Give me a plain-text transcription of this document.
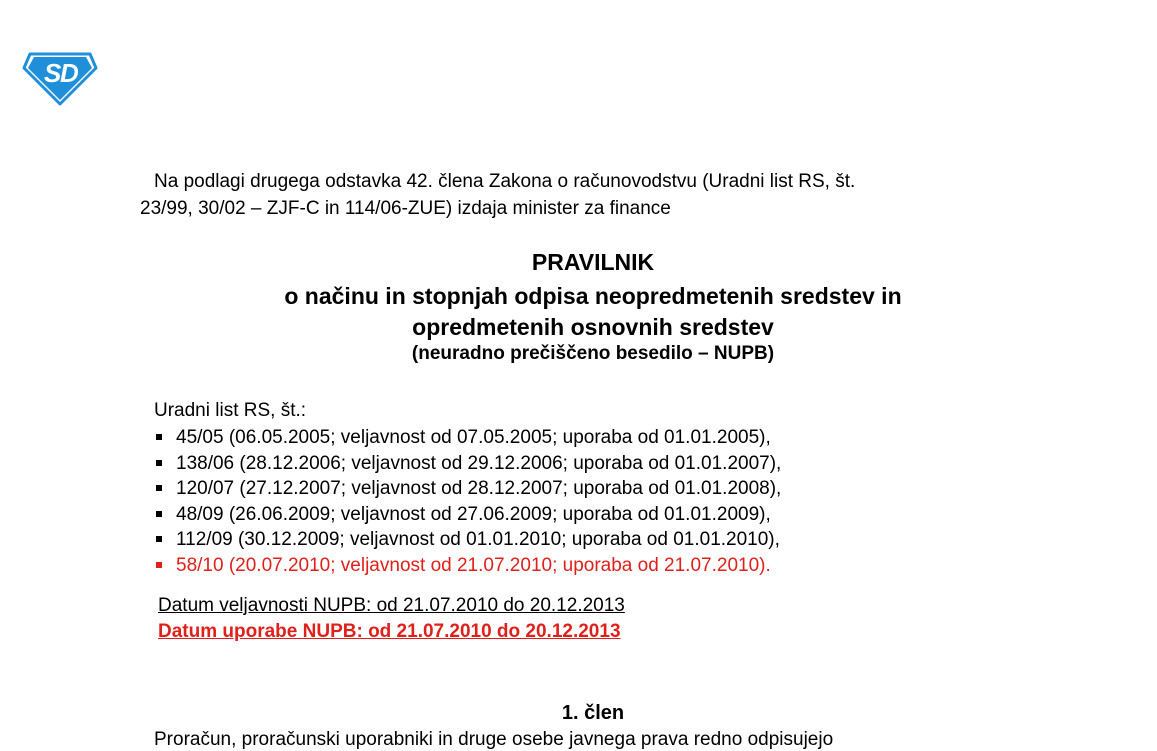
S
D
Na podlagi drugega odstavka 42. člena Zakona o računovodstvu (Uradni list RS, št.
23/99, 30/02 – ZJF-C in 114/06-ZUE) izdaja minister za finance
PRAVILNIK
o načinu in stopnjah odpisa neopredmetenih sredstev in
opredmetenih osnovnih sredstev
(neuradno prečiščeno besedilo – NUPB)
Uradni list RS, št.:
45/05 (06.05.2005; veljavnost od 07.05.2005; uporaba od 01.01.2005),
138/06 (28.12.2006; veljavnost od 29.12.2006; uporaba od 01.01.2007),
120/07 (27.12.2007; veljavnost od 28.12.2007; uporaba od 01.01.2008),
48/09 (26.06.2009; veljavnost od 27.06.2009; uporaba od 01.01.2009),
112/09 (30.12.2009; veljavnost od 01.01.2010; uporaba od 01.01.2010),
58/10 (20.07.2010; veljavnost od 21.07.2010; uporaba od 21.07.2010).
Datum veljavnosti NUPB: od 21.07.2010 do 20.12.2013
Datum uporabe NUPB: od 21.07.2010 do 20.12.2013
1. člen
Proračun, proračunski uporabniki in druge osebe javnega prava redno odpisujejo
